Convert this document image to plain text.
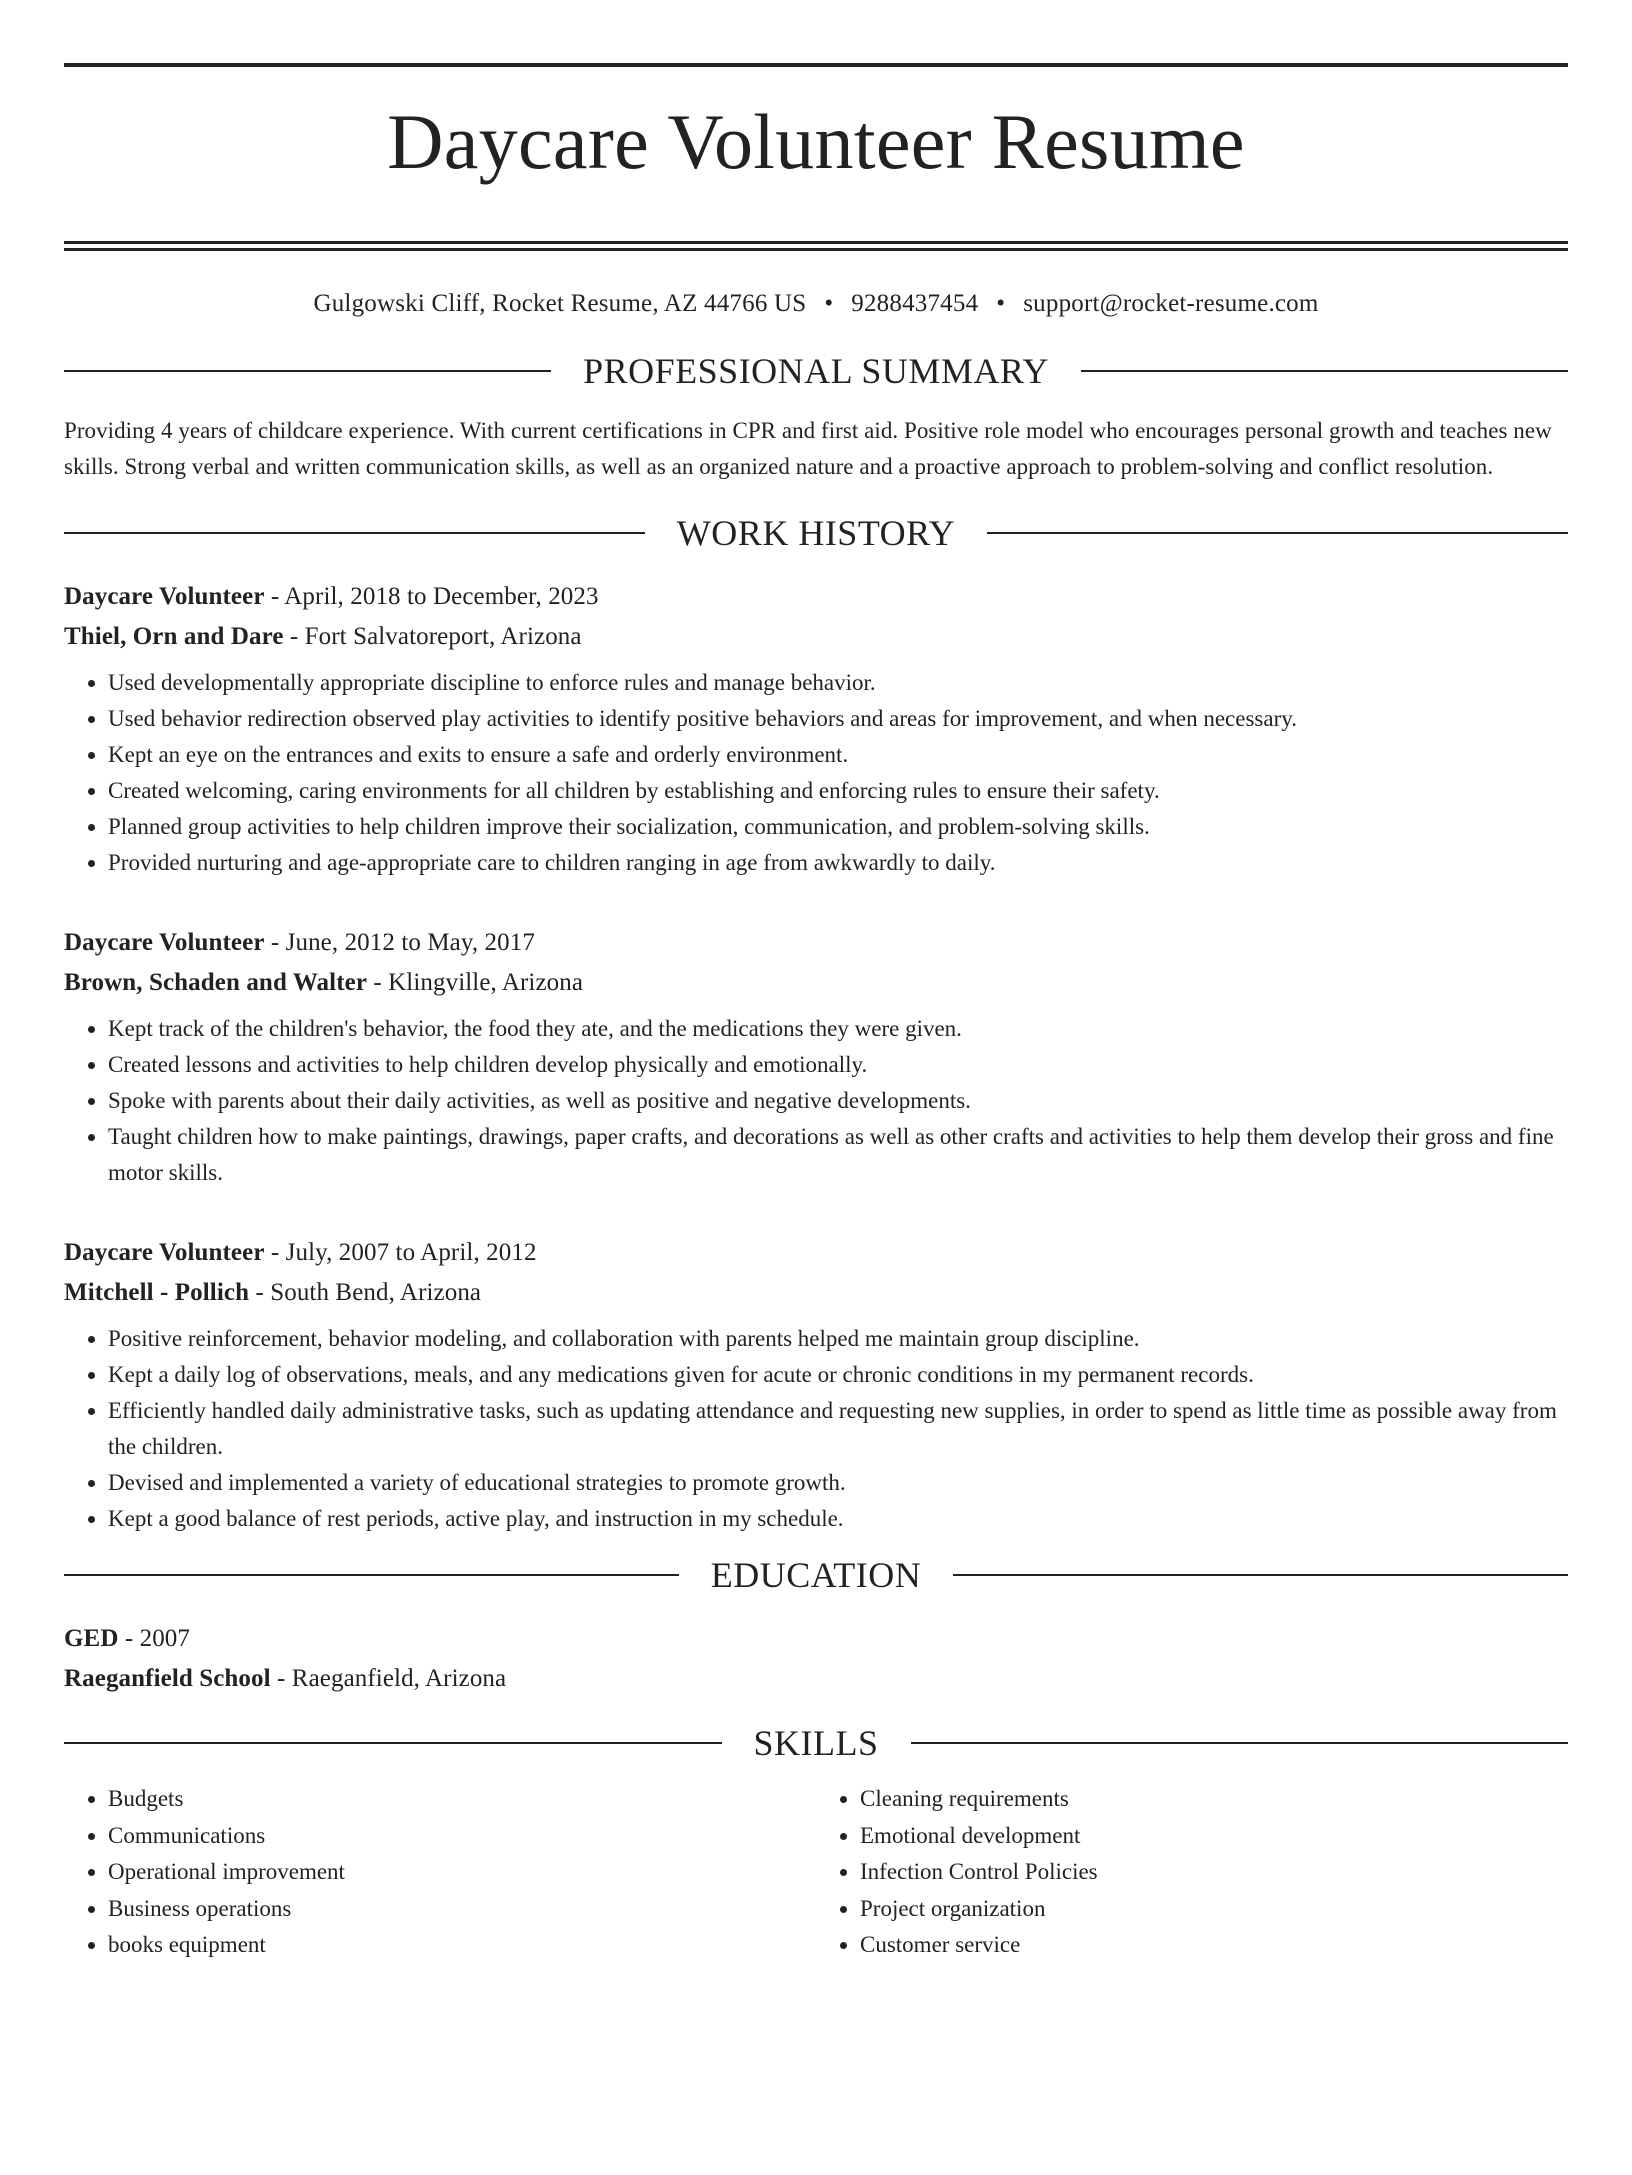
Daycare Volunteer Resume
Gulgowski Cliff, Rocket Resume, AZ 44766 US • 9288437454 • support@rocket-resume.com
PROFESSIONAL SUMMARY
Providing 4 years of childcare experience. With current certifications in CPR and first aid. Positive role model who encourages personal growth and teaches new skills. Strong verbal and written communication skills, as well as an organized nature and a proactive approach to problem-solving and conflict resolution.
WORK HISTORY
Daycare Volunteer - April, 2018 to December, 2023
Thiel, Orn and Dare - Fort Salvatoreport, Arizona
• Used developmentally appropriate discipline to enforce rules and manage behavior.
• Used behavior redirection observed play activities to identify positive behaviors and areas for improvement, and when necessary.
• Kept an eye on the entrances and exits to ensure a safe and orderly environment.
• Created welcoming, caring environments for all children by establishing and enforcing rules to ensure their safety.
• Planned group activities to help children improve their socialization, communication, and problem-solving skills.
• Provided nurturing and age-appropriate care to children ranging in age from awkwardly to daily.
Daycare Volunteer - June, 2012 to May, 2017
Brown, Schaden and Walter - Klingville, Arizona
• Kept track of the children's behavior, the food they ate, and the medications they were given.
• Created lessons and activities to help children develop physically and emotionally.
• Spoke with parents about their daily activities, as well as positive and negative developments.
• Taught children how to make paintings, drawings, paper crafts, and decorations as well as other crafts and activities to help them develop their gross and fine motor skills.
Daycare Volunteer - July, 2007 to April, 2012
Mitchell - Pollich - South Bend, Arizona
• Positive reinforcement, behavior modeling, and collaboration with parents helped me maintain group discipline.
• Kept a daily log of observations, meals, and any medications given for acute or chronic conditions in my permanent records.
• Efficiently handled daily administrative tasks, such as updating attendance and requesting new supplies, in order to spend as little time as possible away from the children.
• Devised and implemented a variety of educational strategies to promote growth.
• Kept a good balance of rest periods, active play, and instruction in my schedule.
EDUCATION
GED - 2007
Raeganfield School - Raeganfield, Arizona
SKILLS
• Budgets
• Communications
• Operational improvement
• Business operations
• books equipment
• Cleaning requirements
• Emotional development
• Infection Control Policies
• Project organization
• Customer service
